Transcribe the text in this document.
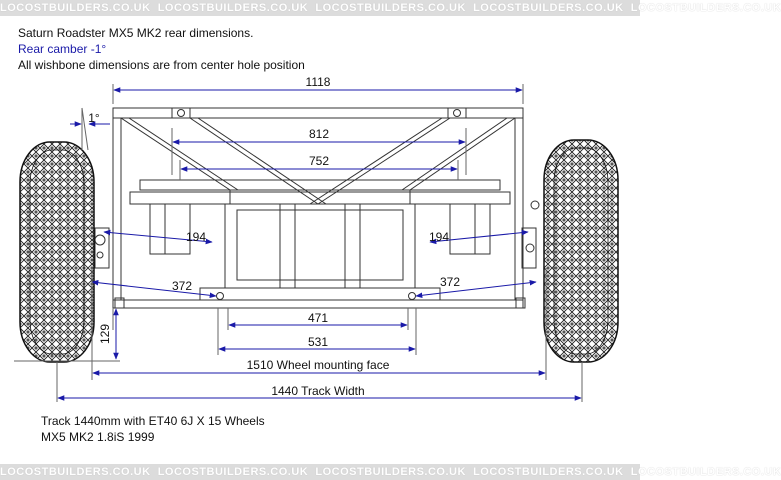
LOCOSTBUILDERS.CO.UK LOCOSTBUILDERS.CO.UK LOCOSTBUILDERS.CO.UK LOCOSTBUILDERS.CO.UK LOCOSTBUILDERS.CO.UK
Saturn Roadster MX5 MK2 rear dimensions.
Rear camber -1°
All wishbone dimensions are from center hole position
1118
1°
812
752
194	194
372	372
471
531
1510 Wheel mounting face
1440 Track Width
129
Track 1440mm with ET40 6J X 15 Wheels
MX5 MK2 1.8iS 1999
LOCOSTBUILDERS.CO.UK LOCOSTBUILDERS.CO.UK LOCOSTBUILDERS.CO.UK LOCOSTBUILDERS.CO.UK LOCOSTBUILDERS.CO.UK
